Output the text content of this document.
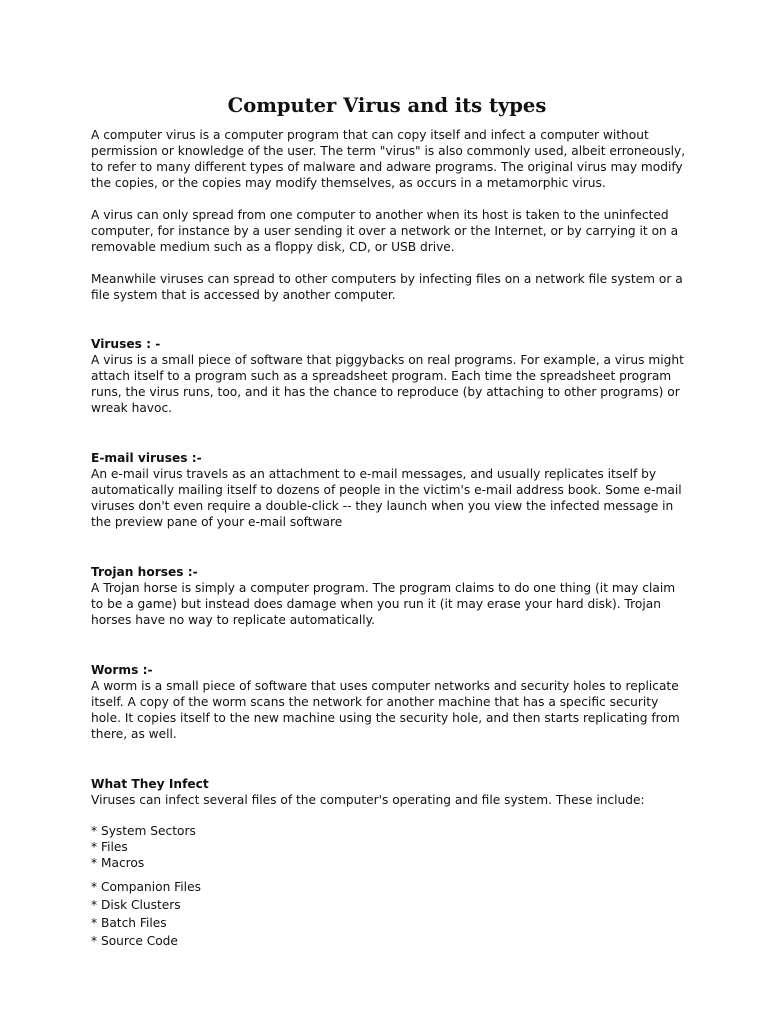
Computer Virus and its types

A computer virus is a computer program that can copy itself and infect a computer without permission or knowledge of the user. The term "virus" is also commonly used, albeit erroneously, to refer to many different types of malware and adware programs. The original virus may modify the copies, or the copies may modify themselves, as occurs in a metamorphic virus.

A virus can only spread from one computer to another when its host is taken to the uninfected computer, for instance by a user sending it over a network or the Internet, or by carrying it on a removable medium such as a floppy disk, CD, or USB drive.

Meanwhile viruses can spread to other computers by infecting files on a network file system or a file system that is accessed by another computer.

Viruses : -

A virus is a small piece of software that piggybacks on real programs. For example, a virus might attach itself to a program such as a spreadsheet program. Each time the spreadsheet program runs, the virus runs, too, and it has the chance to reproduce (by attaching to other programs) or wreak havoc.

E-mail viruses :-

An e-mail virus travels as an attachment to e-mail messages, and usually replicates itself by automatically mailing itself to dozens of people in the victim's e-mail address book. Some e-mail viruses don't even require a double-click -- they launch when you view the infected message in the preview pane of your e-mail software

Trojan horses :-

A Trojan horse is simply a computer program. The program claims to do one thing (it may claim to be a game) but instead does damage when you run it (it may erase your hard disk). Trojan horses have no way to replicate automatically.

Worms :-

A worm is a small piece of software that uses computer networks and security holes to replicate itself. A copy of the worm scans the network for another machine that has a specific security hole. It copies itself to the new machine using the security hole, and then starts replicating from there, as well.

What They Infect

Viruses can infect several files of the computer's operating and file system. These include:

* System Sectors
* Files
* Macros
* Companion Files
* Disk Clusters
* Batch Files
* Source Code
